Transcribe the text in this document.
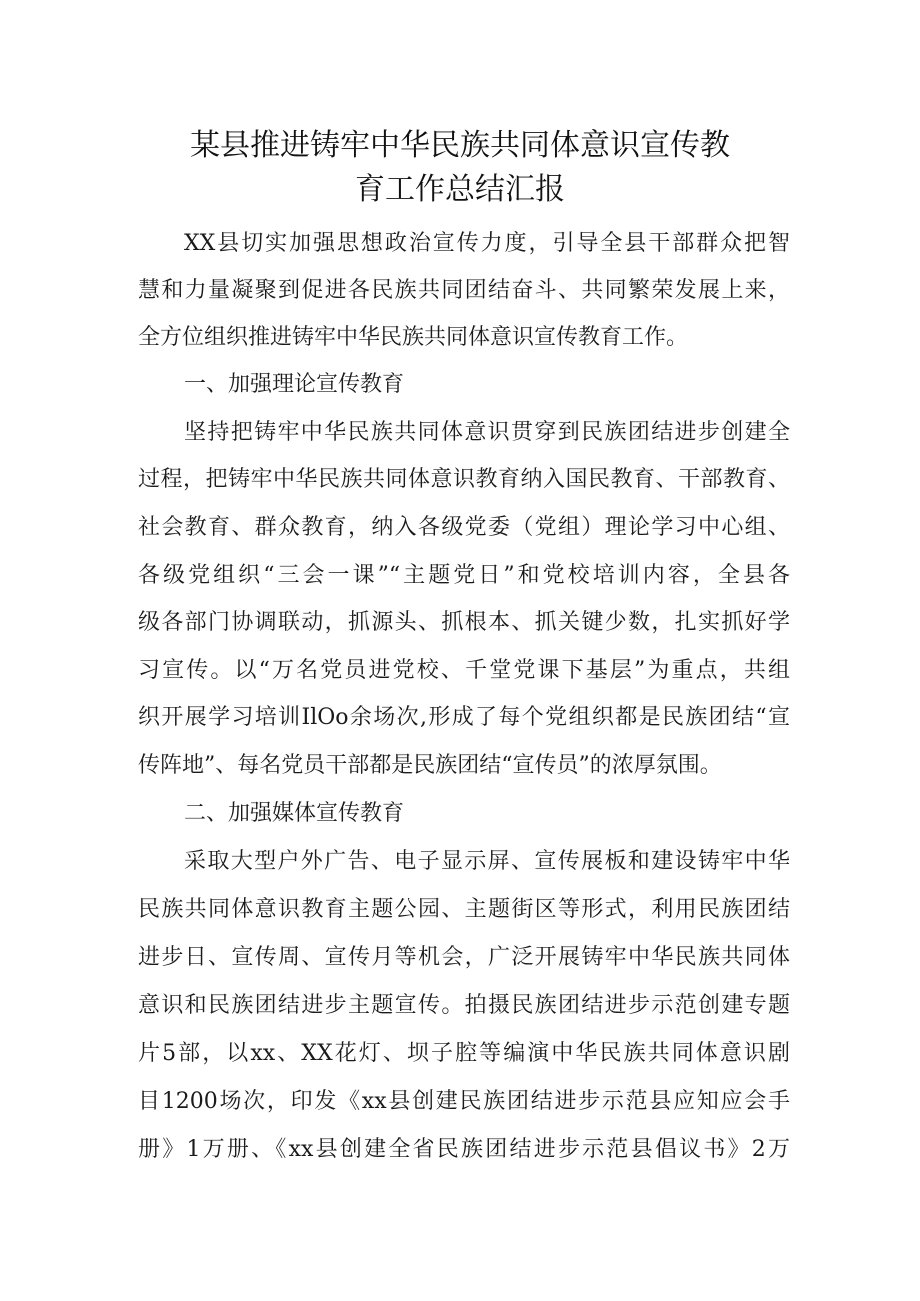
某县推进铸牢中华民族共同体意识宣传教
育工作总结汇报
XX县切实加强思想政治宣传力度，引导全县干部群众把智
慧和力量凝聚到促进各民族共同团结奋斗、共同繁荣发展上来，
全方位组织推进铸牢中华民族共同体意识宣传教育工作。
一、加强理论宣传教育
坚持把铸牢中华民族共同体意识贯穿到民族团结进步创建全
过程，把铸牢中华民族共同体意识教育纳入国民教育、干部教育、
社会教育、群众教育，纳入各级党委（党组）理论学习中心组、
各级党组织“三会一课”“主题党日”和党校培训内容，全县各
级各部门协调联动，抓源头、抓根本、抓关键少数，扎实抓好学
习宣传。以“万名党员进党校、千堂党课下基层”为重点，共组
织开展学习培训IlOo余场次,形成了每个党组织都是民族团结“宣
传阵地”、每名党员干部都是民族团结“宣传员”的浓厚氛围。
二、加强媒体宣传教育
采取大型户外广告、电子显示屏、宣传展板和建设铸牢中华
民族共同体意识教育主题公园、主题街区等形式，利用民族团结
进步日、宣传周、宣传月等机会，广泛开展铸牢中华民族共同体
意识和民族团结进步主题宣传。拍摄民族团结进步示范创建专题
片5部，以xx、XX花灯、坝子腔等编演中华民族共同体意识剧
目1200场次，印发《xx县创建民族团结进步示范县应知应会手
册》1万册、《xx县创建全省民族团结进步示范县倡议书》2万
